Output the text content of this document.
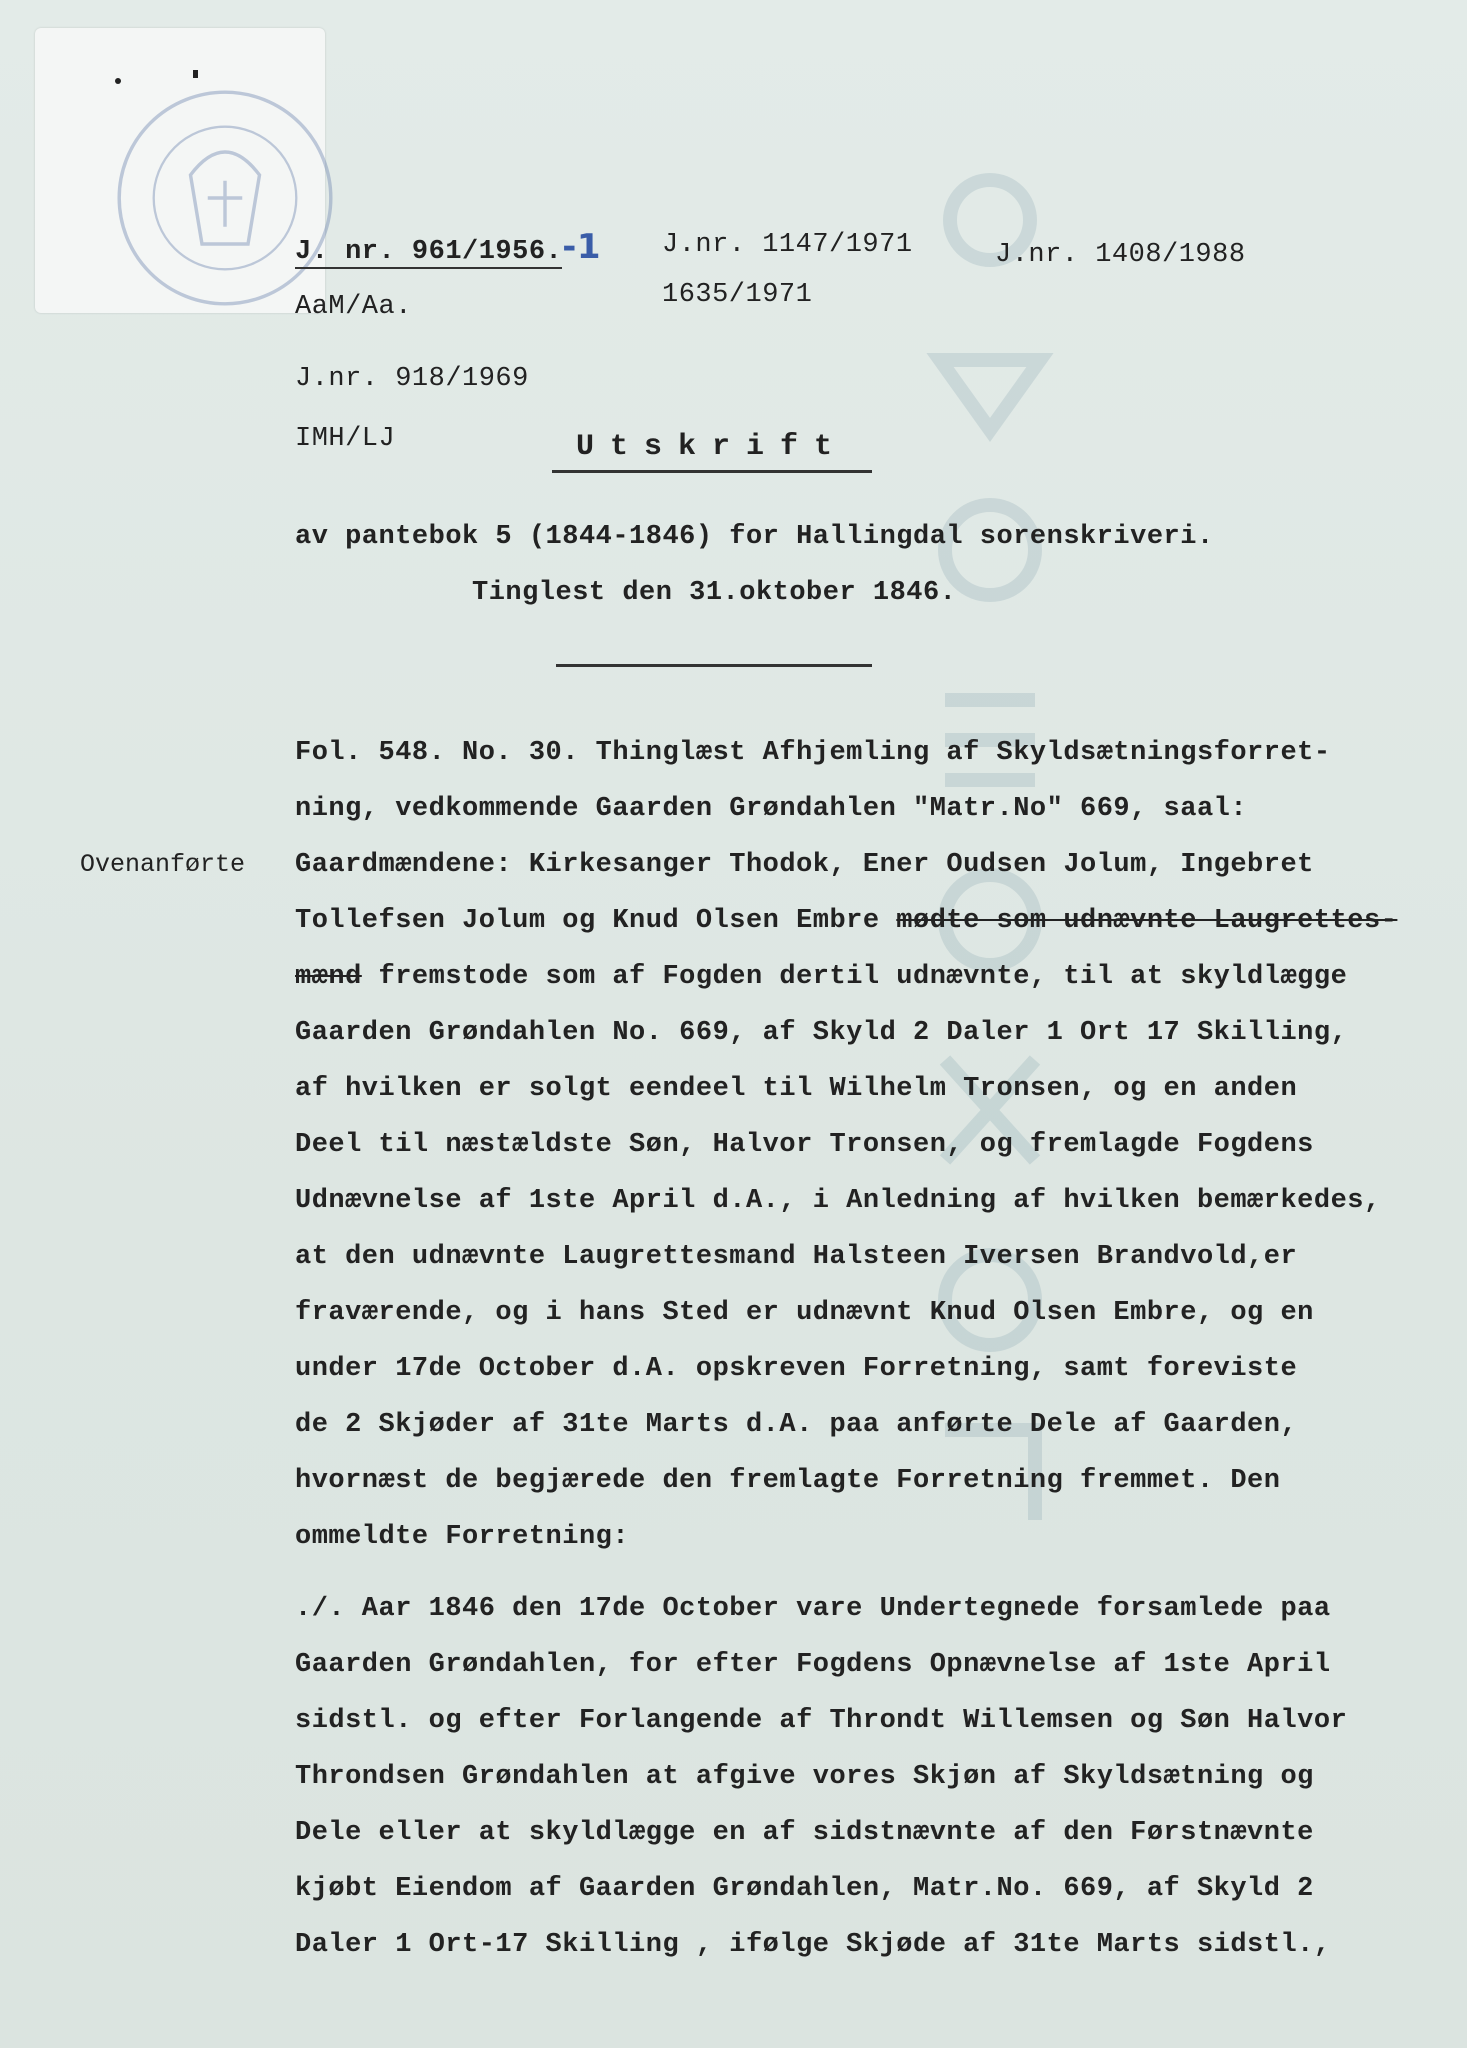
J. nr. 961/1956.-1
AaM/Aa.
J.nr. 1147/1971
1635/1971
J.nr. 1408/1988
J.nr. 918/1969
IMH/LJ	Utskrift
av pantebok 5 (1844-1846) for Hallingdal sorenskriveri.
Tinglest den 31.oktober 1846.
Ovenanførte
Fol. 548. No. 30. Thinglæst Afhjemling af Skyldsætningsforret-
ning, vedkommende Gaarden Grøndahlen "Matr.No" 669, saal:
Gaardmændene: Kirkesanger Thodok, Ener Oudsen Jolum, Ingebret
Tollefsen Jolum og Knud Olsen Embre mødte som udnævnte Laugrettes-
mænd fremstode som af Fogden dertil udnævnte, til at skyldlægge
Gaarden Grøndahlen No. 669, af Skyld 2 Daler 1 Ort 17 Skilling,
af hvilken er solgt eendeel til Wilhelm Tronsen, og en anden
Deel til næstældste Søn, Halvor Tronsen, og fremlagde Fogdens
Udnævnelse af 1ste April d.A., i Anledning af hvilken bemærkedes,
at den udnævnte Laugrettesmand Halsteen Iversen Brandvold,er
fraværende, og i hans Sted er udnævnt Knud Olsen Embre, og en
under 17de October d.A. opskreven Forretning, samt foreviste
de 2 Skjøder af 31te Marts d.A. paa anførte Dele af Gaarden,
hvornæst de begjærede den fremlagte Forretning fremmet. Den
ommeldte Forretning:
./. Aar 1846 den 17de October vare Undertegnede forsamlede paa
Gaarden Grøndahlen, for efter Fogdens Opnævnelse af 1ste April
sidstl. og efter Forlangende af Throndt Willemsen og Søn Halvor
Throndsen Grøndahlen at afgive vores Skjøn af Skyldsætning og
Dele eller at skyldlægge en af sidstnævnte af den Førstnævnte
kjøbt Eiendom af Gaarden Grøndahlen, Matr.No. 669, af Skyld 2
Daler 1 Ort-17 Skilling , ifølge Skjøde af 31te Marts sidstl.,
